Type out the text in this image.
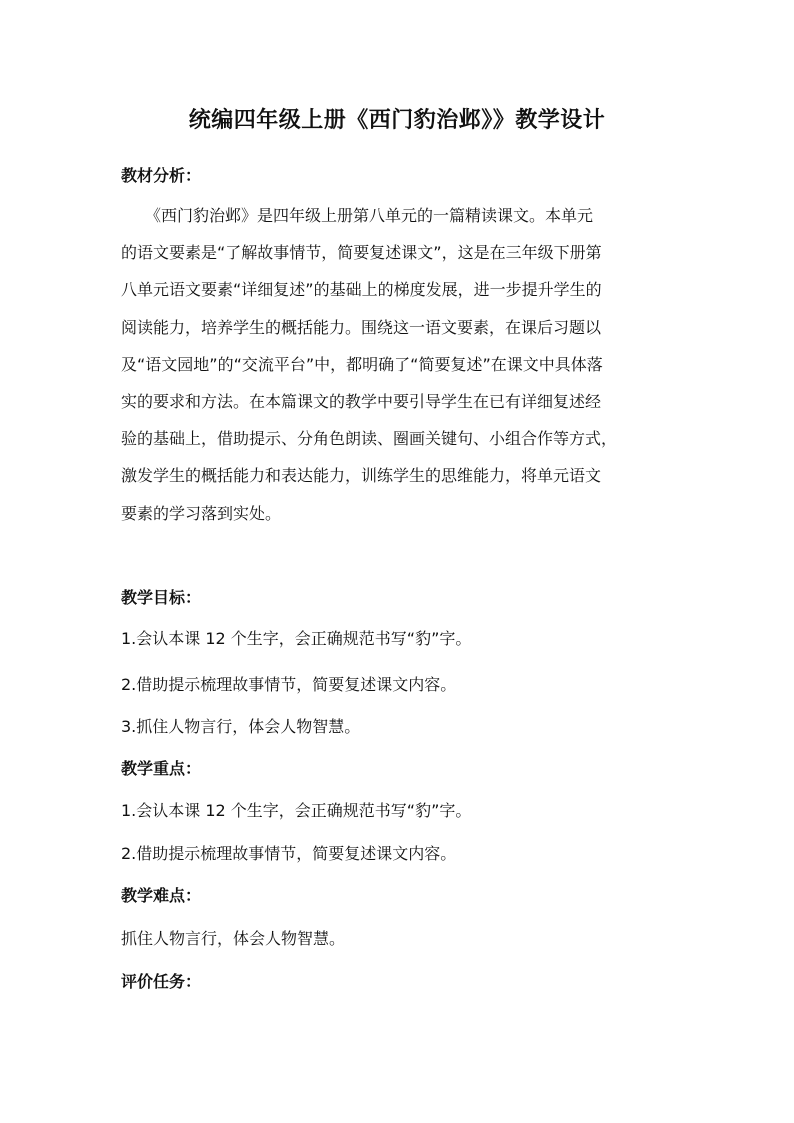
统编四年级上册《西门豹治邺》》教学设计
教材分析：

　　《西门豹治邺》是四年级上册第八单元的一篇精读课文。本单元

的语文要素是“了解故事情节，简要复述课文”，这是在三年级下册第

八单元语文要素“详细复述”的基础上的梯度发展，进一步提升学生的

阅读能力，培养学生的概括能力。围绕这一语文要素，在课后习题以

及“语文园地”的“交流平台”中，都明确了“简要复述”在课文中具体落

实的要求和方法。在本篇课文的教学中要引导学生在已有详细复述经

验的基础上，借助提示、分角色朗读、圈画关键句、小组合作等方式，

激发学生的概括能力和表达能力，训练学生的思维能力，将单元语文

要素的学习落到实处。

教学目标：
1.会认本课 12 个生字，会正确规范书写“豹”字。
2.借助提示梳理故事情节，简要复述课文内容。
3.抓住人物言行，体会人物智慧。
教学重点：
1.会认本课 12 个生字，会正确规范书写“豹”字。
2.借助提示梳理故事情节，简要复述课文内容。
教学难点：
抓住人物言行，体会人物智慧。
评价任务：
